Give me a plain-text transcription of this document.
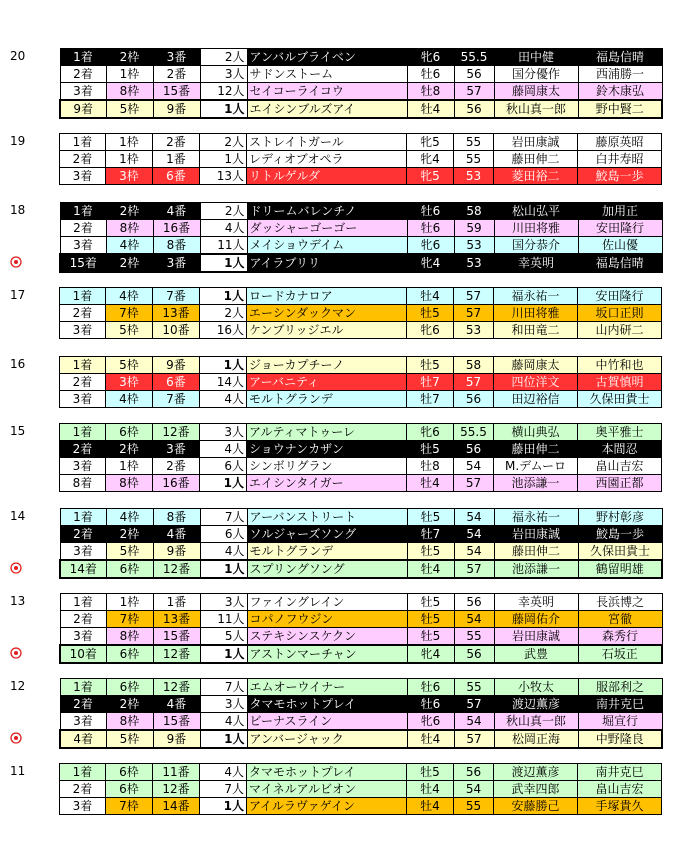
20	1着	2枠	3番	2人	アンバルブライベン	牝6	55.5	田中健	福島信晴
2着	1枠	2番	3人	サドンストーム	牡6	56	国分優作	西浦勝一
3着	8枠	15番	12人	セイコーライコウ	牡8	57	藤岡康太	鈴木康弘
9着	5枠	9番	1人	エイシンブルズアイ	牡4	56	秋山真一郎	野中賢二
19	1着	1枠	2番	2人	ストレイトガール	牝5	55	岩田康誠	藤原英昭
2着	1枠	1番	1人	レディオブオペラ	牝4	55	藤田伸二	白井寿昭
3着	3枠	6番	13人	リトルゲルダ	牝5	53	菱田裕二	鮫島一歩
18	1着	2枠	4番	2人	ドリームバレンチノ	牡6	58	松山弘平	加用正
2着	8枠	16番	4人	ダッシャーゴーゴー	牡6	59	川田将雅	安田隆行
3着	4枠	8番	11人	メイショウデイム	牝6	53	国分恭介	佐山優
15着	2枠	3番	1人	アイラブリリ	牝4	53	幸英明	福島信晴
17	1着	4枠	7番	1人	ロードカナロア	牡4	57	福永祐一	安田隆行
2着	7枠	13番	2人	エーシンダックマン	牡5	57	川田将雅	坂口正則
3着	5枠	10番	16人	ケンブリッジエル	牝6	53	和田竜二	山内研二
16	1着	5枠	9番	1人	ジョーカプチーノ	牡5	58	藤岡康太	中竹和也
2着	3枠	6番	14人	アーバニティ	牡7	57	四位洋文	古賀慎明
3着	4枠	7番	4人	モルトグランデ	牡7	56	田辺裕信	久保田貴士
15	1着	6枠	12番	3人	アルティマトゥーレ	牝6	55.5	横山典弘	奥平雅士
2着	2枠	3番	4人	ショウナンカザン	牡5	56	藤田伸二	本間忍
3着	1枠	2番	6人	シンボリグラン	牡8	54	M.デムーロ	畠山吉宏
8着	8枠	16番	1人	エイシンタイガー	牡4	57	池添謙一	西園正都
14	1着	4枠	8番	7人	アーバンストリート	牡5	54	福永祐一	野村彰彦
2着	2枠	4番	6人	ソルジャーズソング	牡7	54	岩田康誠	鮫島一歩
3着	5枠	9番	4人	モルトグランデ	牡5	54	藤田伸二	久保田貴士
14着	6枠	12番	1人	スプリングソング	牡4	57	池添謙一	鶴留明雄
13	1着	1枠	1番	3人	ファイングレイン	牡5	56	幸英明	長浜博之
2着	7枠	13番	11人	コパノフウジン	牡5	54	藤岡佑介	宮徹
3着	8枠	15番	5人	ステキシンスケクン	牡5	55	岩田康誠	森秀行
10着	6枠	12番	1人	アストンマーチャン	牝4	56	武豊	石坂正
12	1着	6枠	12番	7人	エムオーウイナー	牡6	55	小牧太	服部利之
2着	2枠	4番	3人	タマモホットプレイ	牡6	57	渡辺薫彦	南井克巳
3着	8枠	15番	4人	ビーナスライン	牝6	54	秋山真一郎	堀宣行
4着	5枠	9番	1人	アンバージャック	牡4	57	松岡正海	中野隆良
11	1着	6枠	11番	4人	タマモホットプレイ	牡5	56	渡辺薫彦	南井克巳
2着	6枠	12番	7人	マイネルアルビオン	牡4	54	武幸四郎	畠山吉宏
3着	7枠	14番	1人	アイルラヴァゲイン	牡4	55	安藤勝己	手塚貴久
